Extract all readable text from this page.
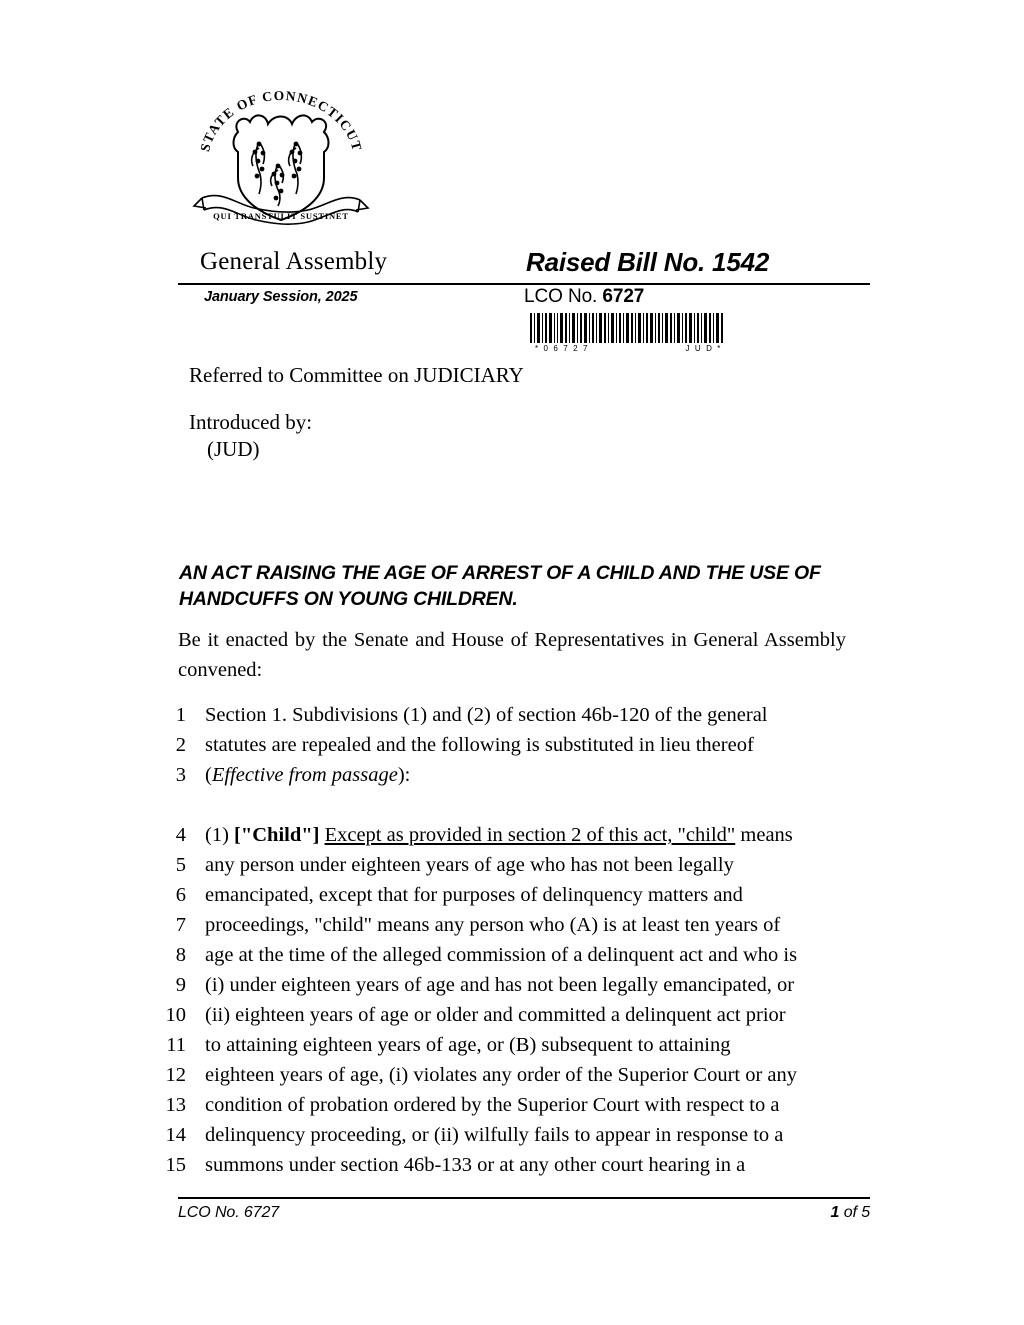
STATE OF CONNECTICUT
QUI TRANSTULIT SUSTINET
General Assembly	Raised Bill No. 1542
January Session, 2025	LCO No. 6727
* 0 6 7 2 7	J U D *
Referred to Committee on JUDICIARY
Introduced by:
(JUD)
AN ACT RAISING THE AGE OF ARREST OF A CHILD AND THE USE OF HANDCUFFS ON YOUNG CHILDREN.
Be it enacted by the Senate and House of Representatives in General Assembly convened:
1 Section 1. Subdivisions (1) and (2) of section 46b-120 of the general
2 statutes are repealed and the following is substituted in lieu thereof
3 (Effective from passage):
4 (1) ["Child"] Except as provided in section 2 of this act, "child" means
5 any person under eighteen years of age who has not been legally
6 emancipated, except that for purposes of delinquency matters and
7 proceedings, "child" means any person who (A) is at least ten years of
8 age at the time of the alleged commission of a delinquent act and who is
9 (i) under eighteen years of age and has not been legally emancipated, or
10 (ii) eighteen years of age or older and committed a delinquent act prior
11 to attaining eighteen years of age, or (B) subsequent to attaining
12 eighteen years of age, (i) violates any order of the Superior Court or any
13 condition of probation ordered by the Superior Court with respect to a
14 delinquency proceeding, or (ii) wilfully fails to appear in response to a
15 summons under section 46b-133 or at any other court hearing in a
LCO No. 6727	1 of 5
